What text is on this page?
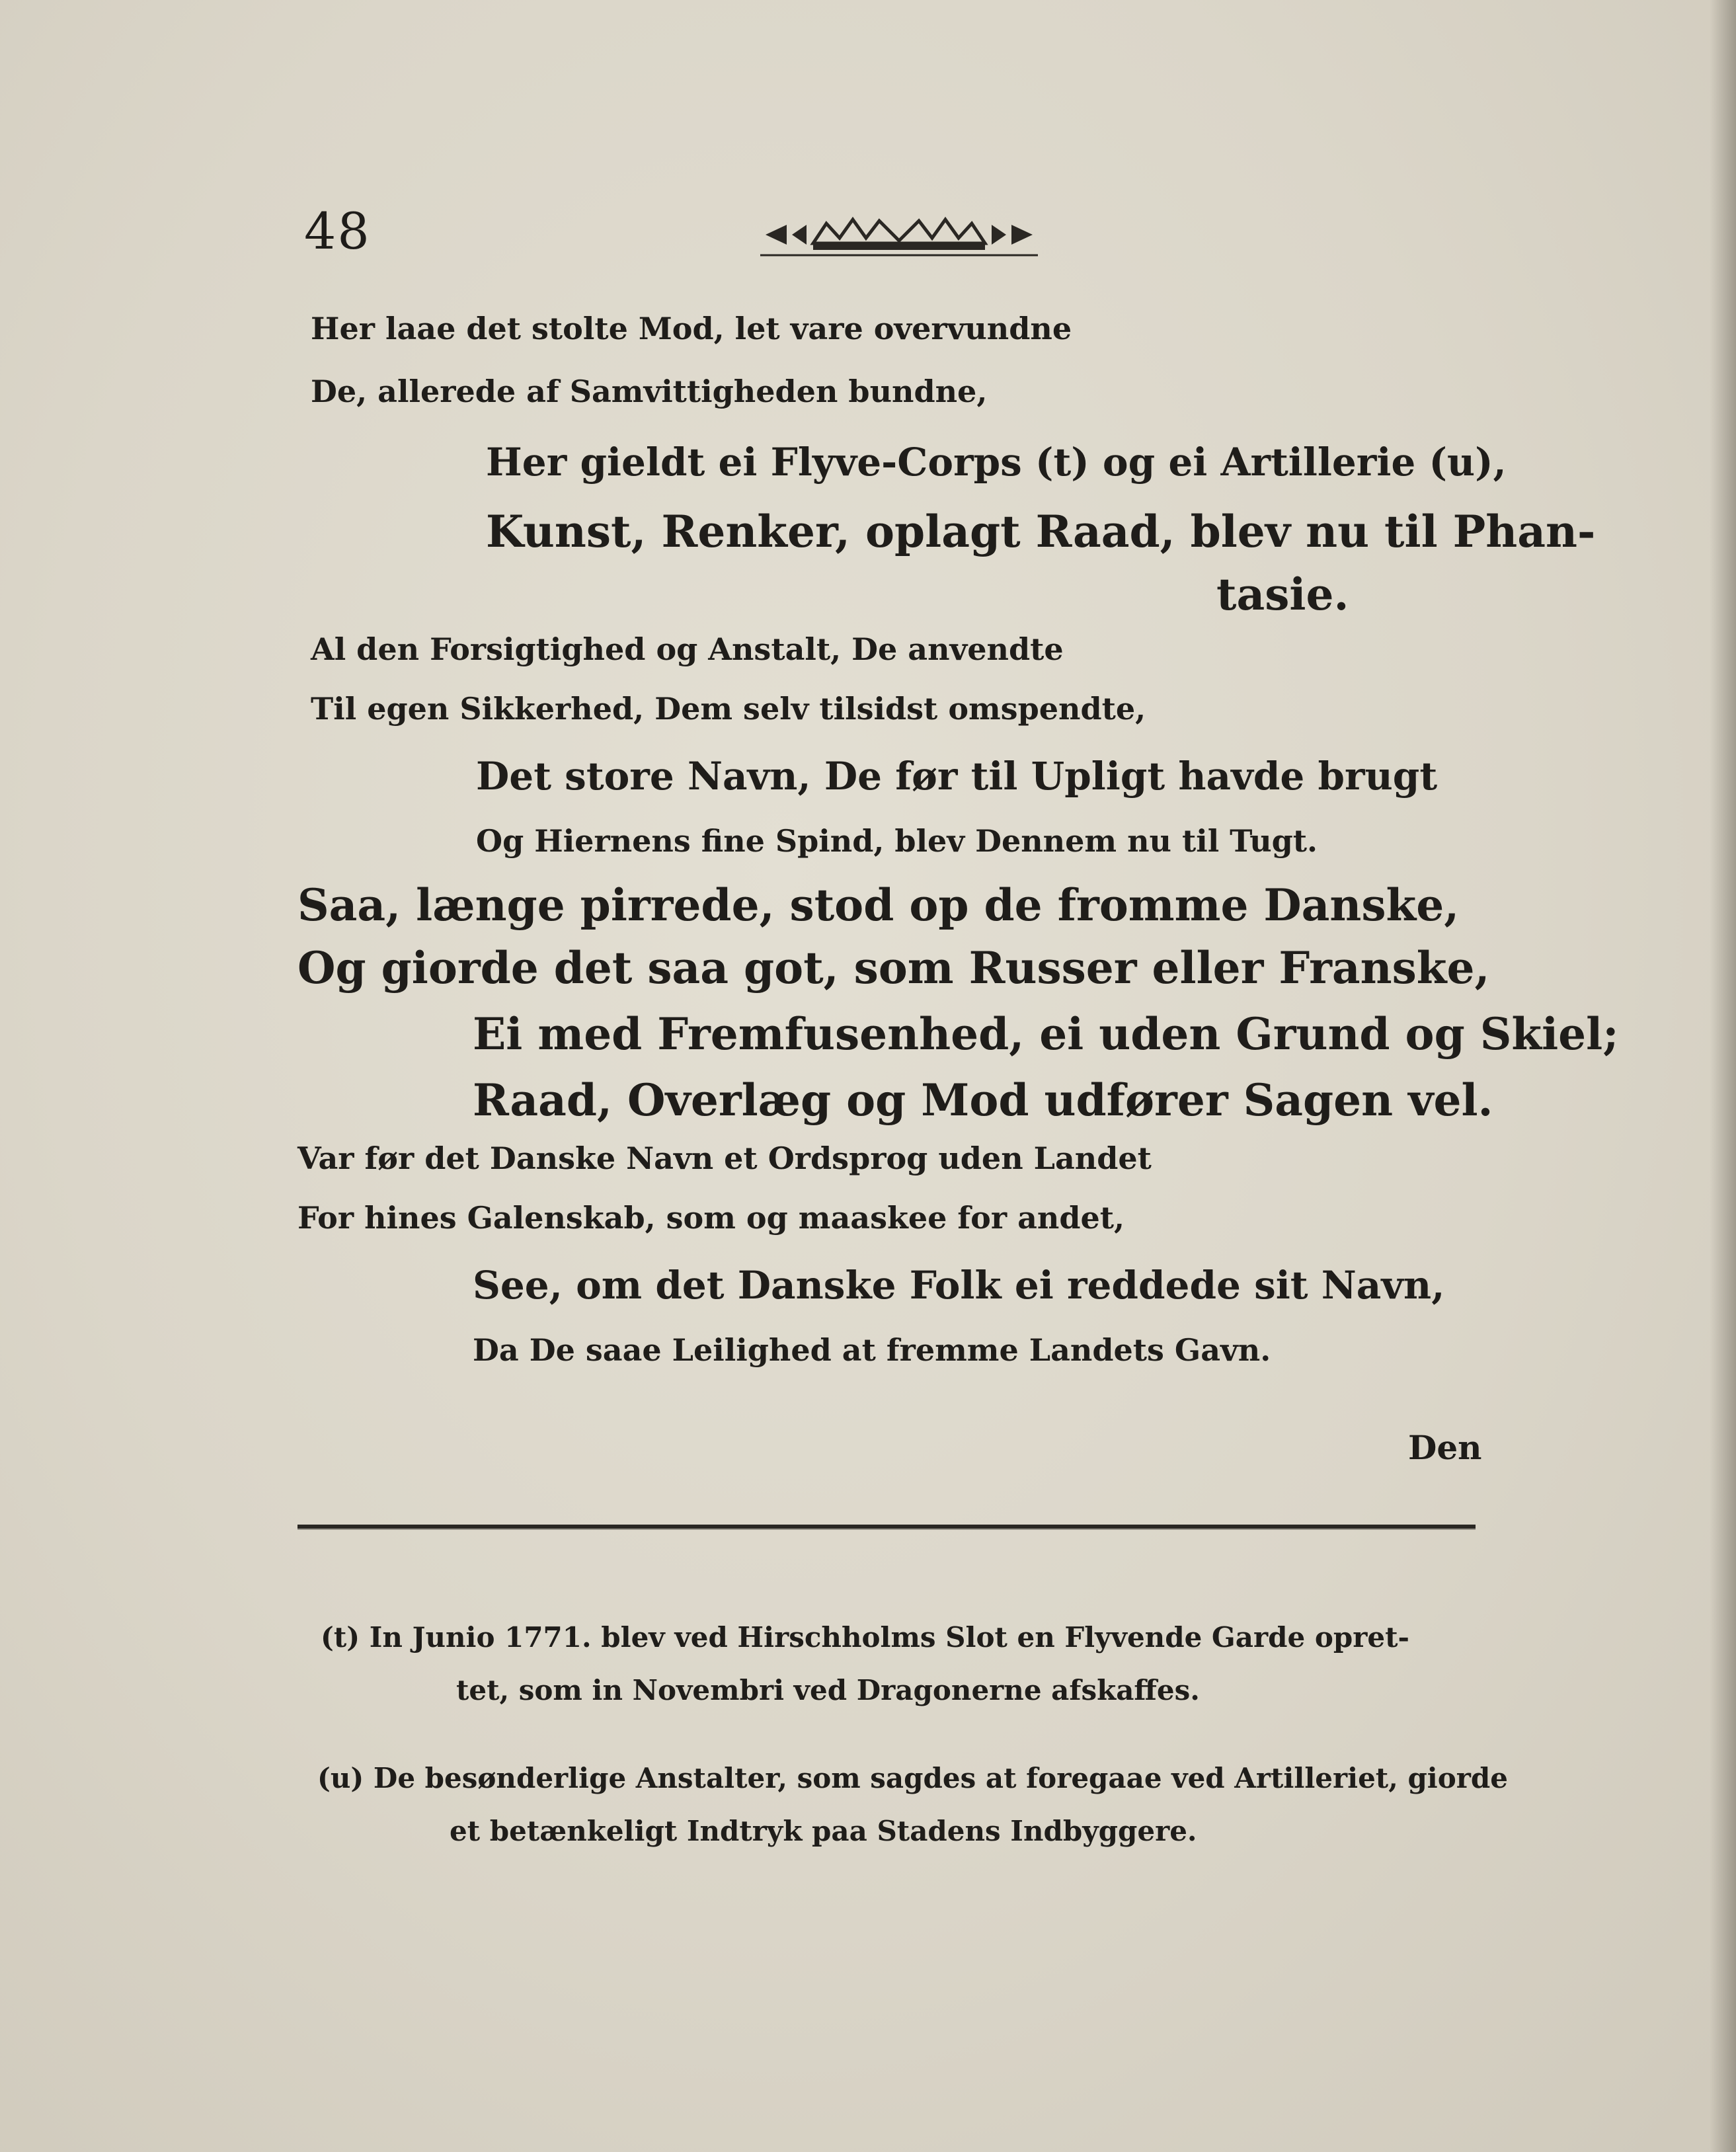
48
Her laae det stolte Mod, let vare overvundne
De, allerede af Samvittigheden bundne,
Her gieldt ei Flyve-Corps (t) og ei Artillerie (u),
Kunst, Renker, oplagt Raad, blev nu til Phan-
tasie.
Al den Forsigtighed og Anstalt, De anvendte
Til egen Sikkerhed, Dem selv tilsidst omspendte,
Det store Navn, De før til Upligt havde brugt
Og Hiernens fine Spind, blev Dennem nu til Tugt.
Saa, længe pirrede, stod op de fromme Danske,
Og giorde det saa got, som Russer eller Franske,
Ei med Fremfusenhed, ei uden Grund og Skiel;
Raad, Overlæg og Mod udfører Sagen vel.
Var før det Danske Navn et Ordsprog uden Landet
For hines Galenskab, som og maaskee for andet,
See, om det Danske Folk ei reddede sit Navn,
Da De saae Leilighed at fremme Landets Gavn.
Den
(t) In Junio 1771. blev ved Hirschholms Slot en Flyvende Garde opret-
tet, som in Novembri ved Dragonerne afskaffes.
(u) De besønderlige Anstalter, som sagdes at foregaae ved Artilleriet, giorde
et betænkeligt Indtryk paa Stadens Indbyggere.
